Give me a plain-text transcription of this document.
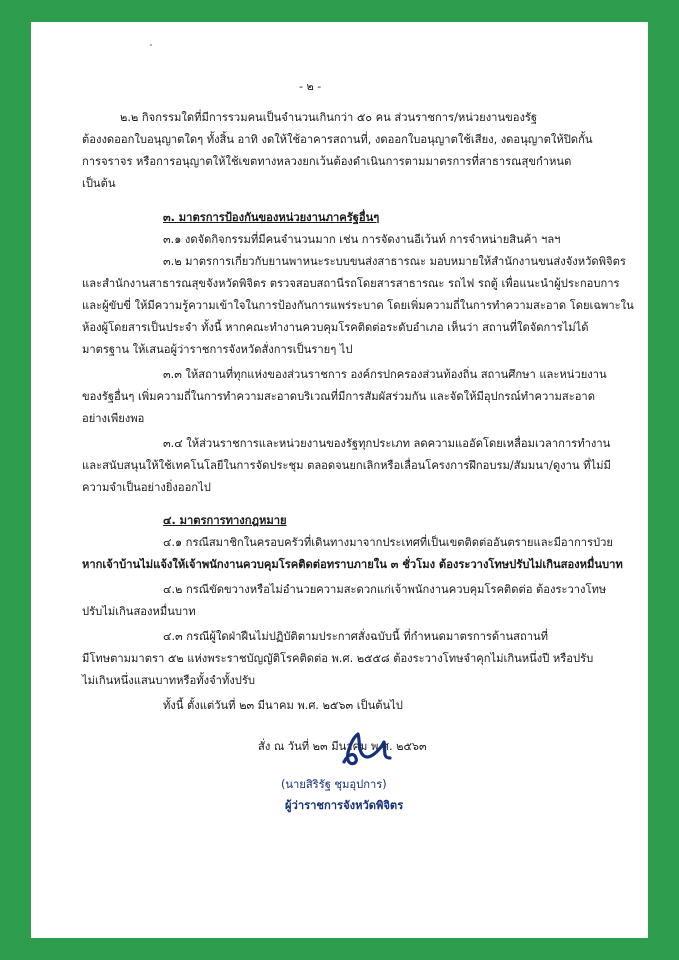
- ๒ -
๒.๒ กิจกรรมใดที่มีการรวมคนเป็นจำนวนเกินกว่า ๕๐ คน ส่วนราชการ/หน่วยงานของรัฐ
ต้องงดออกใบอนุญาตใดๆ ทั้งสิ้น อาทิ งดให้ใช้อาคารสถานที่, งดออกใบอนุญาตใช้เสียง, งดอนุญาตให้ปิดกั้น
การจราจร หรือการอนุญาตให้ใช้เขตทางหลวงยกเว้นต้องดำเนินการตามมาตรการที่สาธารณสุขกำหนด
เป็นต้น
๓. มาตรการป้องกันของหน่วยงานภาครัฐอื่นๆ
๓.๑ งดจัดกิจกรรมที่มีคนจำนวนมาก เช่น การจัดงานอีเว้นท์ การจำหน่ายสินค้า ฯลฯ
๓.๒ มาตรการเกี่ยวกับยานพาหนะระบบขนส่งสาธารณะ มอบหมายให้สำนักงานขนส่งจังหวัดพิจิตร
และสำนักงานสาธารณสุขจังหวัดพิจิตร ตรวจสอบสถานีรถโดยสารสาธารณะ รถไฟ รถตู้ เพื่อแนะนำผู้ประกอบการ
และผู้ขับขี่ ให้มีความรู้ความเข้าใจในการป้องกันการแพร่ระบาด โดยเพิ่มความถี่ในการทำความสะอาด โดยเฉพาะใน
ห้องผู้โดยสารเป็นประจำ ทั้งนี้ หากคณะทำงานควบคุมโรคติดต่อระดับอำเภอ เห็นว่า สถานที่ใดจัดการไม่ได้
มาตรฐาน ให้เสนอผู้ว่าราชการจังหวัดสั่งการเป็นรายๆ ไป
๓.๓ ให้สถานที่ทุกแห่งของส่วนราชการ องค์กรปกครองส่วนท้องถิ่น สถานศึกษา และหน่วยงาน
ของรัฐอื่นๆ เพิ่มความถี่ในการทำความสะอาดบริเวณที่มีการสัมผัสร่วมกัน และจัดให้มีอุปกรณ์ทำความสะอาด
อย่างเพียงพอ
๓.๔ ให้ส่วนราชการและหน่วยงานของรัฐทุกประเภท ลดความแออัดโดยเหลื่อมเวลาการทำงาน
และสนับสนุนให้ใช้เทคโนโลยีในการจัดประชุม ตลอดจนยกเลิกหรือเลื่อนโครงการฝึกอบรม/สัมมนา/ดูงาน ที่ไม่มี
ความจำเป็นอย่างยิ่งออกไป
๔. มาตรการทางกฎหมาย
๔.๑ กรณีสมาชิกในครอบครัวที่เดินทางมาจากประเทศที่เป็นเขตติดต่ออันตรายและมีอาการป่วย
หากเจ้าบ้านไม่แจ้งให้เจ้าพนักงานควบคุมโรคติดต่อทราบภายใน ๓ ชั่วโมง ต้องระวางโทษปรับไม่เกินสองหมื่นบาท
๔.๒ กรณีขัดขวางหรือไม่อำนวยความสะดวกแก่เจ้าพนักงานควบคุมโรคติดต่อ ต้องระวางโทษ
ปรับไม่เกินสองหมื่นบาท
๔.๓ กรณีผู้ใดฝ่าฝืนไม่ปฏิบัติตามประกาศสั่งฉบับนี้ ที่กำหนดมาตรการด้านสถานที่
มีโทษตามมาตรา ๕๒ แห่งพระราชบัญญัติโรคติดต่อ พ.ศ. ๒๕๕๘ ต้องระวางโทษจำคุกไม่เกินหนึ่งปี หรือปรับ
ไม่เกินหนึ่งแสนบาทหรือทั้งจำทั้งปรับ
ทั้งนี้ ตั้งแต่วันที่ ๒๓ มีนาคม พ.ศ. ๒๕๖๓ เป็นต้นไป
สั่ง ณ วันที่ ๒๓ มีนาคม พ.ศ. ๒๕๖๓
(นายสิริรัฐ ชุมอุปการ)
ผู้ว่าราชการจังหวัดพิจิตร
